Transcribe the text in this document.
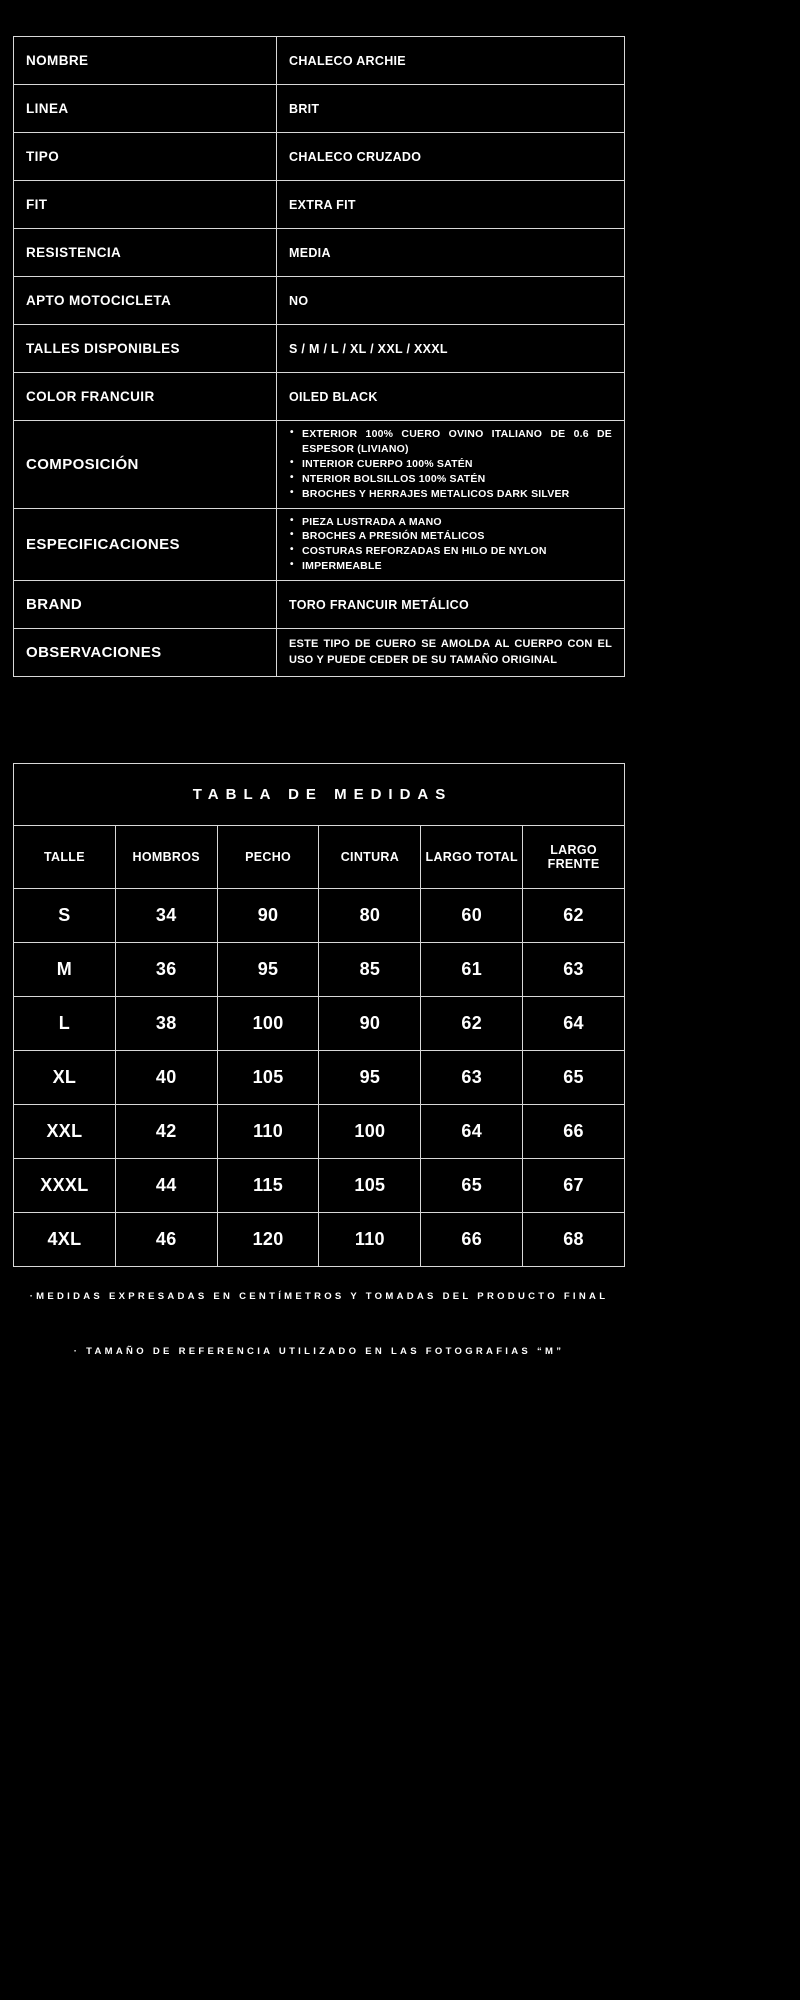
NOMBRE	CHALECO ARCHIE
LINEA	BRIT
TIPO	CHALECO CRUZADO
FIT	EXTRA FIT
RESISTENCIA	MEDIA
APTO MOTOCICLETA	NO
TALLES DISPONIBLES	S / M / L / XL / XXL / XXXL
COLOR FRANCUIR	OILED BLACK
COMPOSICIÓN	
• EXTERIOR 100% CUERO OVINO ITALIANO DE 0.6 DE ESPESOR (LIVIANO)
• INTERIOR CUERPO 100% SATÉN
• NTERIOR BOLSILLOS 100% SATÉN
• BROCHES Y HERRAJES METALICOS DARK SILVER

ESPECIFICACIONES	
• PIEZA LUSTRADA A MANO
• BROCHES A PRESIÓN METÁLICOS
• COSTURAS REFORZADAS EN HILO DE NYLON
• IMPERMEABLE

BRAND	TORO FRANCUIR METÁLICO
OBSERVACIONES	ESTE TIPO DE CUERO SE AMOLDA AL CUERPO CON EL USO Y PUEDE CEDER DE SU TAMAÑO ORIGINAL
TABLA DE MEDIDAS					
TALLE	HOMBROS	PECHO	CINTURA	LARGO TOTAL	LARGO FRENTE
S	34	90	80	60	62
M	36	95	85	61	63
L	38	100	90	62	64
XL	40	105	95	63	65
XXL	42	110	100	64	66
XXXL	44	115	105	65	67
4XL	46	120	110	66	68
·MEDIDAS EXPRESADAS EN CENTÍMETROS Y TOMADAS DEL PRODUCTO FINAL
· TAMAÑO DE REFERENCIA UTILIZADO EN LAS FOTOGRAFIAS “M”
